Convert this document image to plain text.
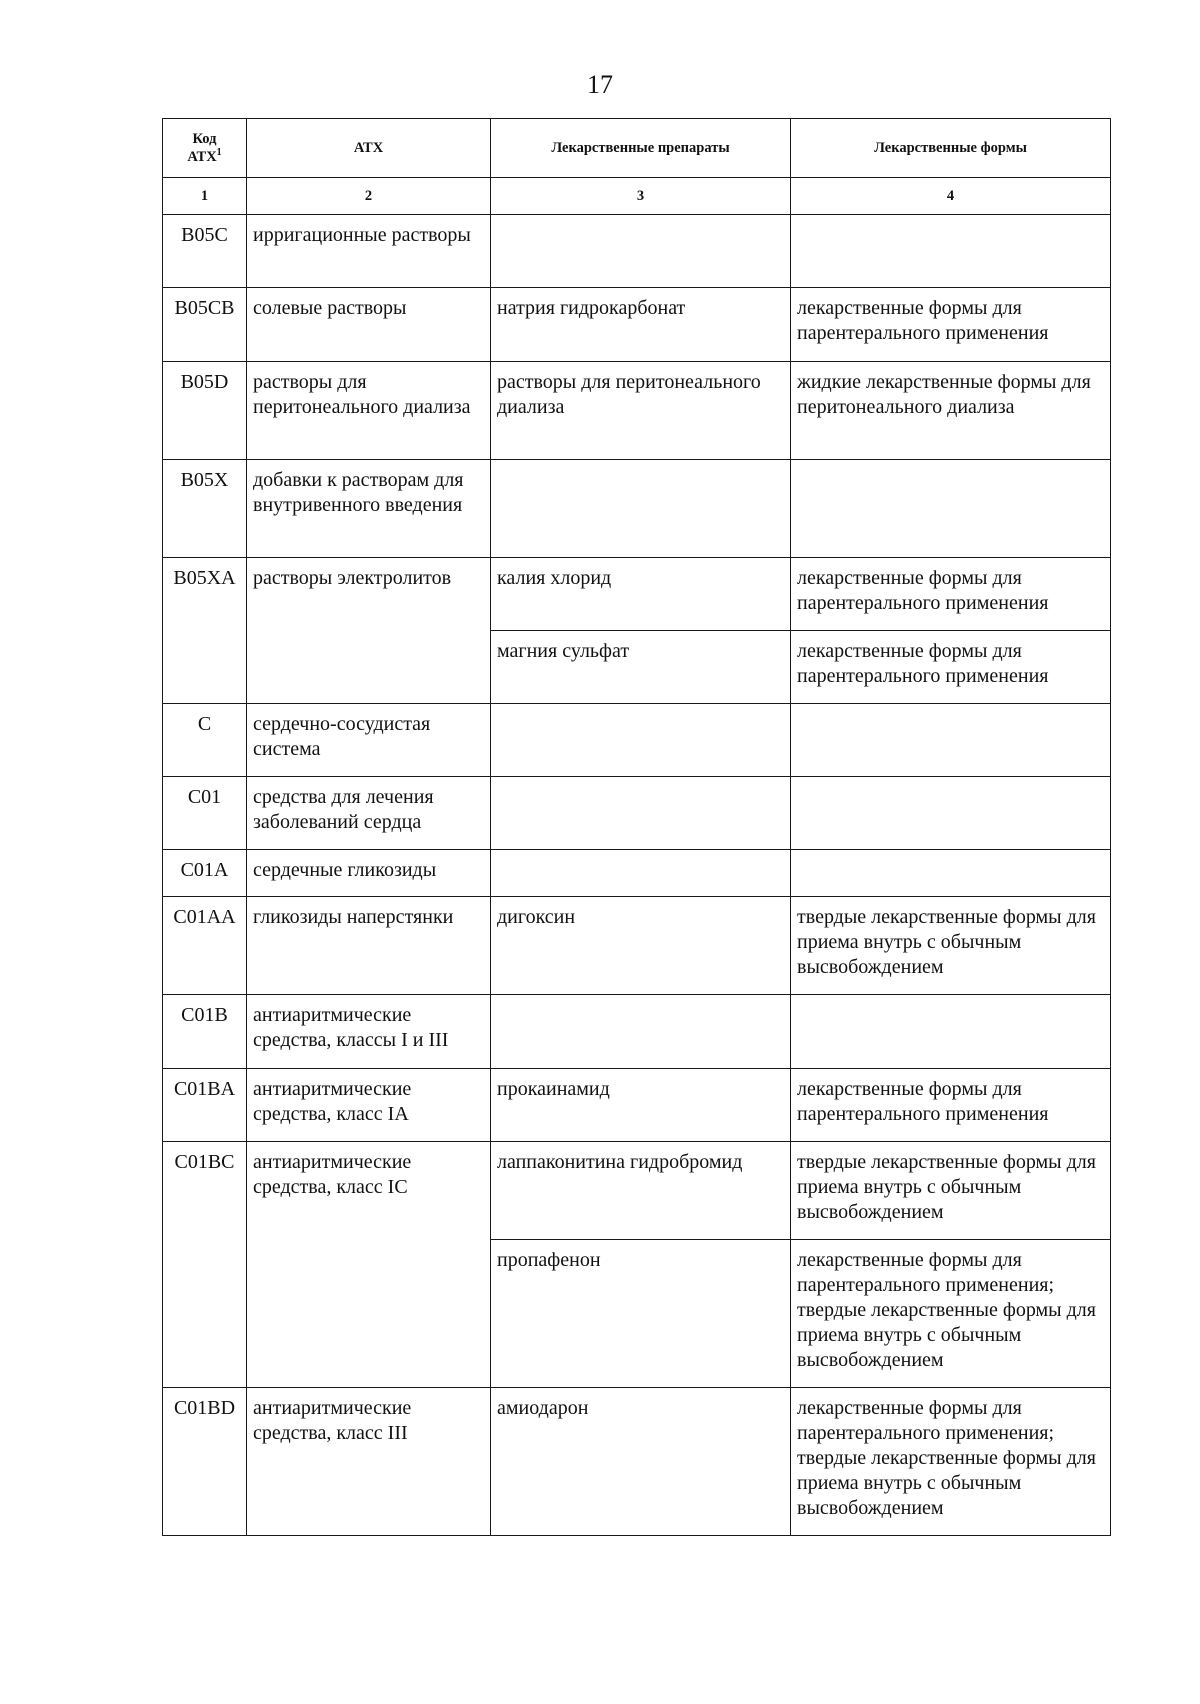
17
Код
АТХ$^1$	АТХ	Лекарственные препараты	Лекарственные формы
1	2	3	4
B05C	ирригационные растворы		
B05CB	солевые растворы	натрия гидрокарбонат	лекарственные формы для парентерального применения
B05D	растворы для перитонеального диализа	растворы для перитонеального диализа	жидкие лекарственные формы для перитонеального диализа
B05X	добавки к растворам для внутривенного введения		
B05XA	растворы электролитов	калия хлорид	лекарственные формы для парентерального применения
		магния сульфат	лекарственные формы для парентерального применения
C	сердечно-сосудистая система		
C01	средства для лечения заболеваний сердца		
C01A	сердечные гликозиды		
C01AA	гликозиды наперстянки	дигоксин	твердые лекарственные формы для приема внутрь с обычным высвобождением
C01B	антиаритмические средства, классы I и III		
C01BA	антиаритмические средства, класс IA	прокаинамид	лекарственные формы для парентерального применения
C01BC	антиаритмические средства, класс IC	лаппаконитина гидробромид	твердые лекарственные формы для приема внутрь с обычным высвобождением
		пропафенон	лекарственные формы для парентерального применения; твердые лекарственные формы для приема внутрь с обычным высвобождением
C01BD	антиаритмические средства, класс III	амиодарон	лекарственные формы для парентерального применения; твердые лекарственные формы для приема внутрь с обычным высвобождением
